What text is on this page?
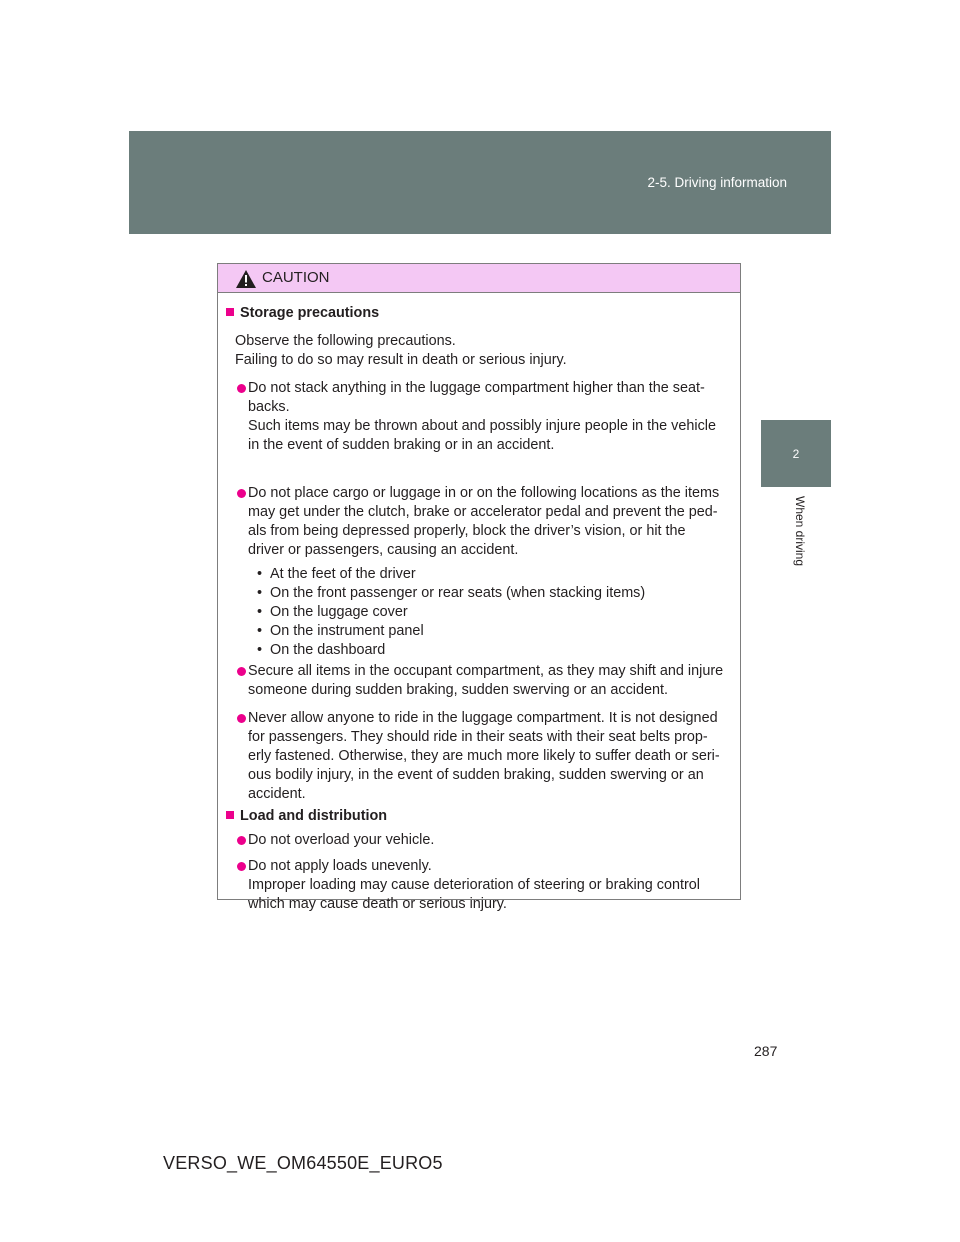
2-5. Driving information
2
When driving
CAUTION
Storage precautions
Observe the following precautions.
Failing to do so may result in death or serious injury.
Do not stack anything in the luggage compartment higher than the seat-
backs.
Such items may be thrown about and possibly injure people in the vehicle
in the event of sudden braking or in an accident.
Do not place cargo or luggage in or on the following locations as the items
may get under the clutch, brake or accelerator pedal and prevent the ped-
als from being depressed properly, block the driver’s vision, or hit the
driver or passengers, causing an accident.
•  At the feet of the driver
•  On the front passenger or rear seats (when stacking items)
•  On the luggage cover
•  On the instrument panel
•  On the dashboard
Secure all items in the occupant compartment, as they may shift and injure
someone during sudden braking, sudden swerving or an accident.
Never allow anyone to ride in the luggage compartment. It is not designed
for passengers. They should ride in their seats with their seat belts prop-
erly fastened. Otherwise, they are much more likely to suffer death or seri-
ous bodily injury, in the event of sudden braking, sudden swerving or an
accident.
Load and distribution
Do not overload your vehicle.
Do not apply loads unevenly.
Improper loading may cause deterioration of steering or braking control
which may cause death or serious injury.
287
VERSO_WE_OM64550E_EURO5
